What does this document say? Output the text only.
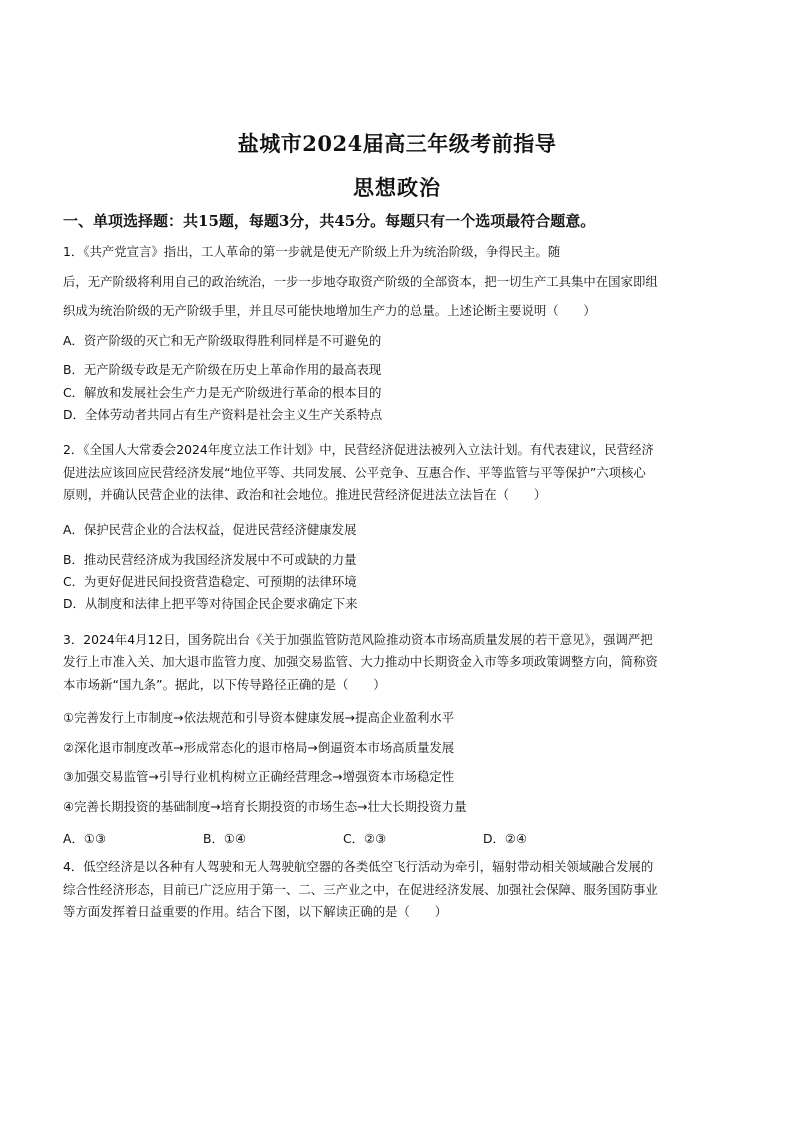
盐城市2024届高三年级考前指导
思想政治
一、单项选择题：共15题，每题3分，共45分。每题只有一个选项最符合题意。
1．《共产党宣言》指出，工人革命的第一步就是使无产阶级上升为统治阶级，争得民主。随
后，无产阶级将利用自己的政治统治，一步一步地夺取资产阶级的全部资本，把一切生产工具集中在国家即组
织成为统治阶级的无产阶级手里，并且尽可能快地增加生产力的总量。上述论断主要说明（　　）
A．资产阶级的灭亡和无产阶级取得胜利同样是不可避免的
B．无产阶级专政是无产阶级在历史上革命作用的最高表现
C．解放和发展社会生产力是无产阶级进行革命的根本目的
D．全体劳动者共同占有生产资料是社会主义生产关系特点
2．《全国人大常委会2024年度立法工作计划》中，民营经济促进法被列入立法计划。有代表建议，民营经济
促进法应该回应民营经济发展“地位平等、共同发展、公平竞争、互惠合作、平等监管与平等保护”六项核心
原则，并确认民营企业的法律、政治和社会地位。推进民营经济促进法立法旨在（　　）
A．保护民营企业的合法权益，促进民营经济健康发展
B．推动民营经济成为我国经济发展中不可或缺的力量
C．为更好促进民间投资营造稳定、可预期的法律环境
D．从制度和法律上把平等对待国企民企要求确定下来
3．2024年4月12日，国务院出台《关于加强监管防范风险推动资本市场高质量发展的若干意见》，强调严把
发行上市准入关、加大退市监管力度、加强交易监管、大力推动中长期资金入市等多项政策调整方向，简称资
本市场新“国九条”。据此，以下传导路径正确的是（　　）
①完善发行上市制度→依法规范和引导资本健康发展→提高企业盈利水平
②深化退市制度改革→形成常态化的退市格局→倒逼资本市场高质量发展
③加强交易监管→引导行业机构树立正确经营理念→增强资本市场稳定性
④完善长期投资的基础制度→培育长期投资的市场生态→壮大长期投资力量
A．①③	B．①④	C．②③	D．②④
4．低空经济是以各种有人驾驶和无人驾驶航空器的各类低空飞行活动为牵引，辐射带动相关领域融合发展的
综合性经济形态，目前已广泛应用于第一、二、三产业之中，在促进经济发展、加强社会保障、服务国防事业
等方面发挥着日益重要的作用。结合下图，以下解读正确的是（　　）
